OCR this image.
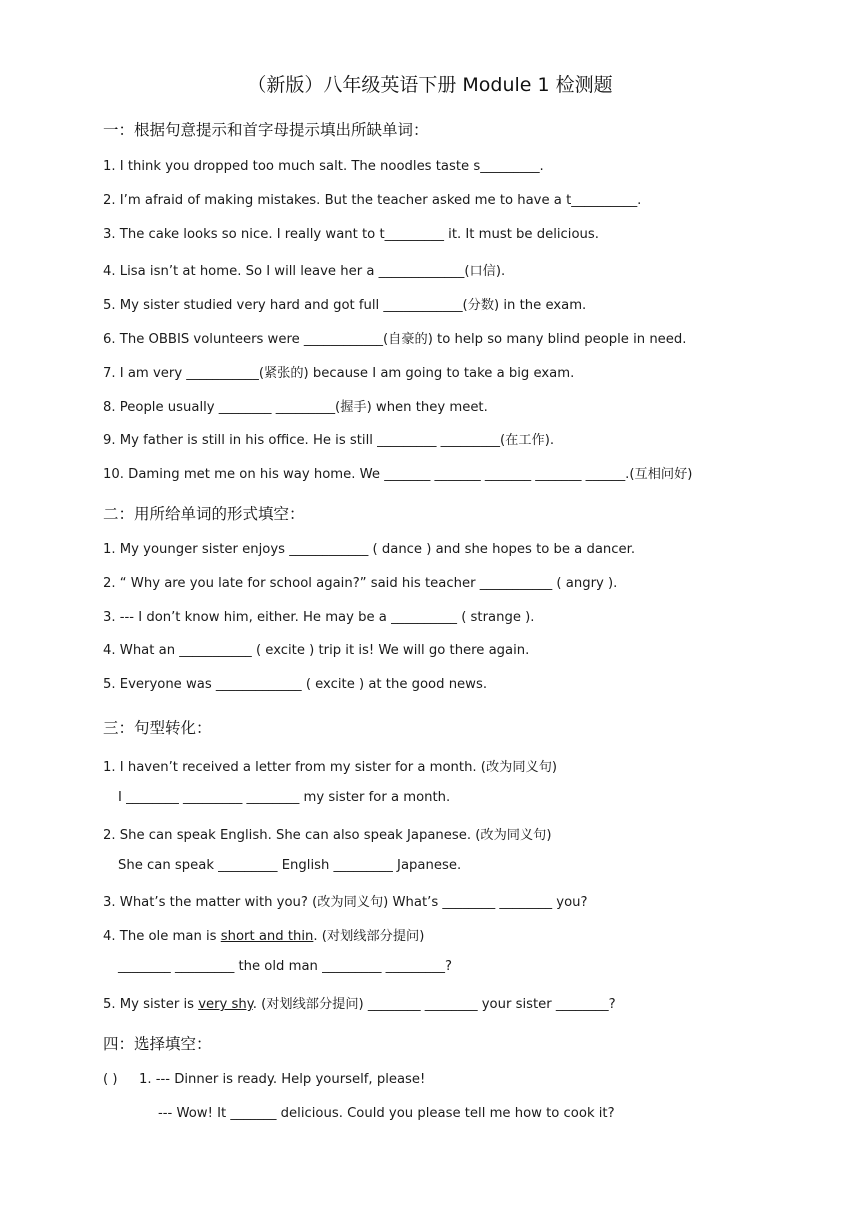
（新版）八年级英语下册 Module 1 检测题
一：根据句意提示和首字母提示填出所缺单词：
1. I think you dropped too much salt. The noodles taste s_________.
2. I’m afraid of making mistakes. But the teacher asked me to have a t__________.
3. The cake looks so nice. I really want to t_________ it. It must be delicious.
4. Lisa isn’t at home. So I will leave her a _____________(口信).
5. My sister studied very hard and got full ____________(分数) in the exam.
6. The OBBIS volunteers were ____________(自豪的) to help so many blind people in need.
7. I am very ___________(紧张的) because I am going to take a big exam.
8. People usually ________ _________(握手) when they meet.
9. My father is still in his office. He is still _________ _________(在工作).
10. Daming met me on his way home. We _______ _______ _______ _______ ______.(互相问好)
二：用所给单词的形式填空：
1. My younger sister enjoys ____________ ( dance ) and she hopes to be a dancer.
2. “ Why are you late for school again?” said his teacher ___________ ( angry ).
3. --- I don’t know him, either. He may be a __________ ( strange ).
4. What an ___________ ( excite ) trip it is! We will go there again.
5. Everyone was _____________ ( excite ) at the good news.
三：句型转化：
1. I haven’t received a letter from my sister for a month. (改为同义句)
I ________ _________ ________ my sister for a month.
2. She can speak English. She can also speak Japanese. (改为同义句)
She can speak _________ English _________ Japanese.
3. What’s the matter with you? (改为同义句) What’s ________ ________ you?
4. The ole man is short and thin. (对划线部分提问)
________ _________ the old man _________ _________?
5. My sister is very shy. (对划线部分提问) ________ ________ your sister ________?
四：选择填空：
( ) 1. --- Dinner is ready. Help yourself, please!
--- Wow! It _______ delicious. Could you please tell me how to cook it?
